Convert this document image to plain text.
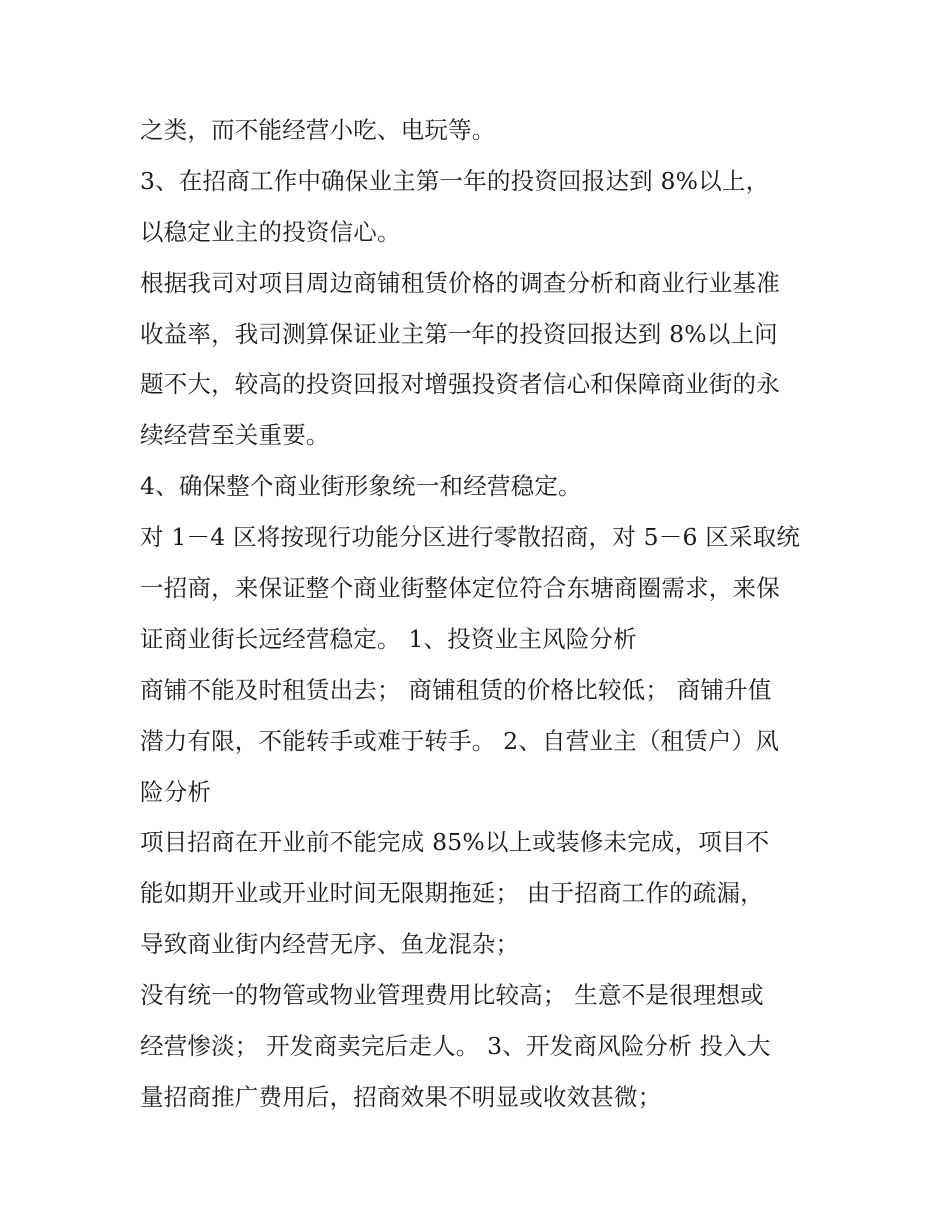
之类，而不能经营小吃、电玩等。
3、在招商工作中确保业主第一年的投资回报达到 8%以上，
以稳定业主的投资信心。
根据我司对项目周边商铺租赁价格的调查分析和商业行业基准
收益率，我司测算保证业主第一年的投资回报达到 8%以上问
题不大，较高的投资回报对增强投资者信心和保障商业街的永
续经营至关重要。
4、确保整个商业街形象统一和经营稳定。
对 1－4 区将按现行功能分区进行零散招商，对 5－6 区采取统
一招商，来保证整个商业街整体定位符合东塘商圈需求，来保
证商业街长远经营稳定。 1、投资业主风险分析
商铺不能及时租赁出去； 商铺租赁的价格比较低； 商铺升值
潜力有限，不能转手或难于转手。 2、自营业主（租赁户）风
险分析
项目招商在开业前不能完成 85%以上或装修未完成，项目不
能如期开业或开业时间无限期拖延； 由于招商工作的疏漏，
导致商业街内经营无序、鱼龙混杂；
没有统一的物管或物业管理费用比较高； 生意不是很理想或
经营惨淡； 开发商卖完后走人。 3、开发商风险分析 投入大
量招商推广费用后，招商效果不明显或收效甚微；
